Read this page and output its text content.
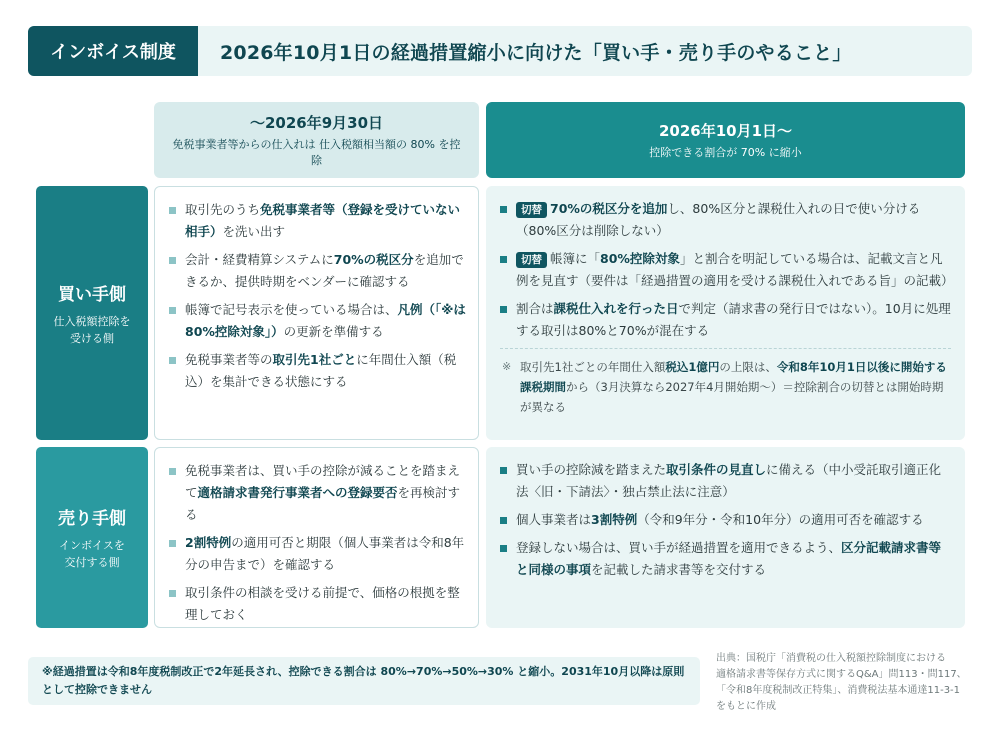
インボイス制度	2026年10月1日の経過措置縮小に向けた「買い手・売り手のやること」
〜2026年9月30日
免税事業者等からの仕入れは 仕入税額相当額の 80% を控除
2026年10月1日〜
控除できる割合が 70% に縮小
買い手側
仕入税額控除を
受ける側
売り手側
インボイスを
交付する側
取引先のうち免税事業者等（登録を受けていない相手）を洗い出す
会計・経費精算システムに70%の税区分を追加できるか、提供時期をベンダーに確認する
帳簿で記号表示を使っている場合は、凡例（「※は80%控除対象」）の更新を準備する
免税事業者等の取引先1社ごとに年間仕入額（税込）を集計できる状態にする
切替 70%の税区分を追加し、80%区分と課税仕入れの日で使い分ける（80%区分は削除しない）
切替 帳簿に「80%控除対象」と割合を明記している場合は、記載文言と凡例を見直す（要件は「経過措置の適用を受ける課税仕入れである旨」の記載）
割合は課税仕入れを行った日で判定（請求書の発行日ではない）。10月に処理する取引は80%と70%が混在する
※ 取引先1社ごとの年間仕入額税込1億円の上限は、令和8年10月1日以後に開始する課税期間から（3月決算なら2027年4月開始期〜）＝控除割合の切替とは開始時期が異なる
免税事業者は、買い手の控除が減ることを踏まえて適格請求書発行事業者への登録要否を再検討する
2割特例の適用可否と期限（個人事業者は令和8年分の申告まで）を確認する
取引条件の相談を受ける前提で、価格の根拠を整理しておく
買い手の控除減を踏まえた取引条件の見直しに備える（中小受託取引適正化法〈旧・下請法〉・独占禁止法に注意）
個人事業者は3割特例（令和9年分・令和10年分）の適用可否を確認する
登録しない場合は、買い手が経過措置を適用できるよう、区分記載請求書等と同様の事項を記載した請求書等を交付する
※経過措置は令和8年度税制改正で2年延長され、控除できる割合は 80%→70%→50%→30% と縮小。2031年10月以降は原則として控除できません
出典：国税庁「消費税の仕入税額控除制度における
適格請求書等保存方式に関するQ&A」問113・問117、
「令和8年度税制改正特集」、消費税法基本通達11-3-1
をもとに作成
